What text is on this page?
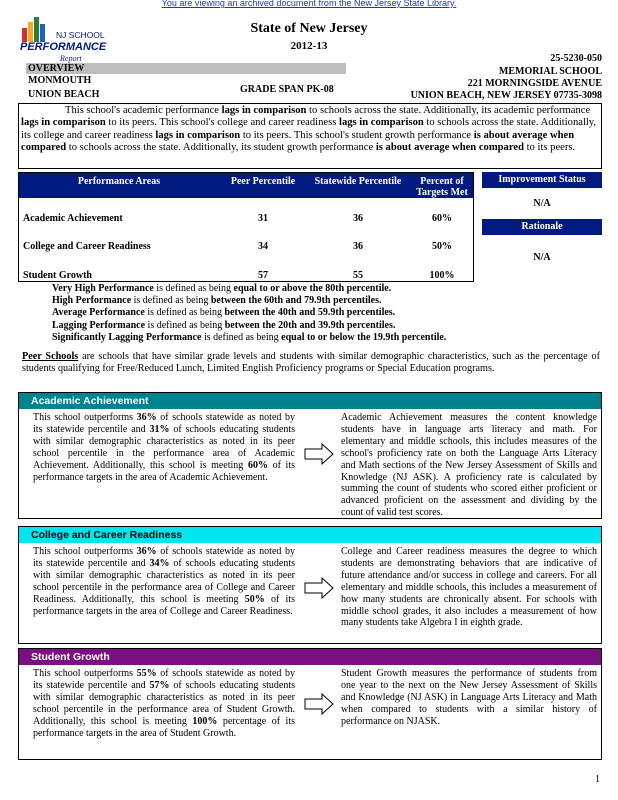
You are viewing an archived document from the New Jersey State Library.
NJ SCHOOL
PERFORMANCE
Report
State of New Jersey
2012-13
OVERVIEW
MONMOUTH
UNION BEACH	GRADE SPAN PK-08
25-5230-050
MEMORIAL SCHOOL
221 MORNINGSIDE AVENUE
UNION BEACH, NEW JERSEY 07735-3098
This school's academic performance lags in comparison to schools across the state. Additionally, its academic performance lags in comparison to its peers. This school's college and career readiness lags in comparison to schools across the state. Additionally, its college and career readiness lags in comparison to its peers. This school's student growth performance is about average when compared to schools across the state. Additionally, its student growth performance is about average when compared to its peers.
Performance Areas	Peer Percentile	Statewide Percentile	Percent of Targets Met
Academic Achievement	31	36	60%
College and Career Readiness	34	36	50%
Student Growth	57	55	100%
Improvement Status
N/A
Rationale
N/A
Very High Performance is defined as being equal to or above the 80th percentile.
High Performance is defined as being between the 60th and 79.9th percentiles.
Average Performance is defined as being between the 40th and 59.9th percentiles.
Lagging Performance is defined as being between the 20th and 39.9th percentiles.
Significantly Lagging Performance is defined as being equal to or below the 19.9th percentile.
Peer Schools are schools that have similar grade levels and students with similar demographic characteristics, such as the percentage of students qualifying for Free/Reduced Lunch, Limited English Proficiency programs or Special Education programs.
Academic Achievement
This school outperforms 36% of schools statewide as noted by its statewide percentile and 31% of schools educating students with similar demographic characteristics as noted in its peer school percentile in the performance area of Academic Achievement. Additionally, this school is meeting 60% of its performance targets in the area of Academic Achievement.
Academic Achievement measures the content knowledge students have in language arts literacy and math. For elementary and middle schools, this includes measures of the school's proficiency rate on both the Language Arts Literacy and Math sections of the New Jersey Assessment of Skills and Knowledge (NJ ASK). A proficiency rate is calculated by summing the count of students who scored either proficient or advanced proficient on the assessment and dividing by the count of valid test scores.
College and Career Readiness
This school outperforms 36% of schools statewide as noted by its statewide percentile and 34% of schools educating students with similar demographic characteristics as noted in its peer school percentile in the performance area of College and Career Readiness. Additionally, this school is meeting 50% of its performance targets in the area of College and Career Readiness.
College and Career readiness measures the degree to which students are demonstrating behaviors that are indicative of future attendance and/or success in college and careers. For all elementary and middle schools, this includes a measurement of how many students are chronically absent. For schools with middle school grades, it also includes a measurement of how many students take Algebra I in eighth grade.
Student Growth
This school outperforms 55% of schools statewide as noted by its statewide percentile and 57% of schools educating students with similar demographic characteristics as noted in its peer school percentile in the performance area of Student Growth. Additionally, this school is meeting 100% percentage of its performance targets in the area of Student Growth.
Student Growth measures the performance of students from one year to the next on the New Jersey Assessment of Skills and Knowledge (NJ ASK) in Language Arts Literacy and Math when compared to students with a similar history of performance on NJASK.
1
